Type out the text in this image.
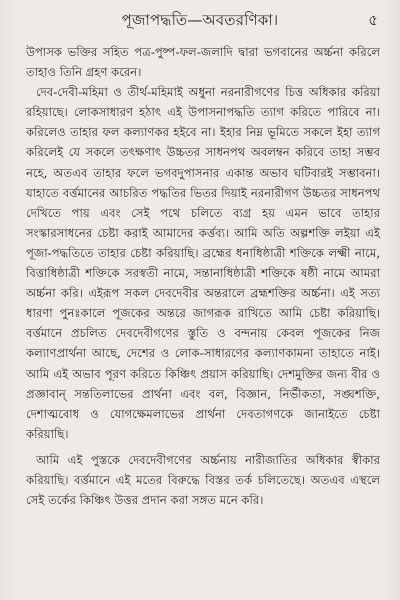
পূজাপদ্ধতি—অবতরণিকা।	৫

উপাসক ভক্তির সহিত পত্র-পুষ্প-ফল-জলাদি দ্বারা ভগবানের অর্চ্চনা করিলে তাহাও তিনি গ্রহণ করেন।

দেব-দেবী-মহিমা ও তীর্থ-মহিমাই অধুনা নরনারীগণের চিত্ত অধিকার করিয়া রহিয়াছে। লোকসাধারণ হঠাৎ এই উপাসনাপদ্ধতি ত্যাগ করিতে পারিবে না। করিলেও তাহার ফল কল্যাণকর হইবে না। ইহার নিম্ন ভূমিতে সকলে ইহা ত্যাগ করিলেই যে সকলে তৎক্ষণাৎ উচ্চতর সাধনপথ অবলম্বন করিবে তাহা সম্ভব নহে, অতএব তাহার ফলে ভগবদুপাসনার একান্ত অভাব ঘটিবারই সম্ভাবনা। যাহাতে বর্ত্তমানের আচরিত পদ্ধতির ভিতর দিয়াই নরনারীগণ উচ্চতর সাধনপথ দেখিতে পায় এবং সেই পথে চলিতে ব্যগ্র হয় এমন ভাবে তাহার সংস্কারসাধনের চেষ্টা করাই আমাদের কর্ত্তব্য। আমি অতি অল্পশক্তি লইয়া এই পূজা-পদ্ধতিতে তাহার চেষ্টা করিয়াছি। ব্রহ্মের ধনাধিষ্ঠাত্রী শক্তিকে লক্ষ্মী নামে, বিত্তাধিষ্ঠাত্রী শক্তিকে সরস্বতী নামে, সন্তানাধিষ্ঠাত্রী শক্তিকে ষষ্ঠী নামে আমরা অর্চ্চনা করি। এইরূপ সকল দেবদেবীর অন্তরালে ব্রহ্মশক্তির অর্চ্চনা। এই সত্য ধারণা পুনঃকালে পূজকের অন্তরে জাগরূক রাখিতে আমি চেষ্টা করিয়াছি। বর্ত্তমানে প্রচলিত দেবদেবীগণের স্তুতি ও বন্দনায় কেবল পূজকের নিজ কল্যাণপ্রার্থনা আছে, দেশের ও লোক-সাধারণের কল্যাণকামনা তাহাতে নাই। আমি এই অভাব পূরণ করিতে কিঞ্চিৎ প্রয়াস করিয়াছি। দেশমুক্তির জন্য বীর ও প্রজ্ঞাবান্ সন্ততিলাভের প্রার্থনা এবং বল, বিজ্ঞান, নির্ভীকতা, সঙ্ঘশক্তি, দেশাত্মবোধ ও যোগক্ষেমলাভের প্রার্থনা দেবতাগণকে জানাইতে চেষ্টা করিয়াছি।

আমি এই পুস্তকে দেবদেবীগণের অর্চ্চনায় নারীজাতির অধিকার স্বীকার করিয়াছি। বর্ত্তমানে এই মতের বিরুদ্ধে বিস্তর তর্ক চলিতেছে। অতএব এস্থলে সেই তর্কের কিঞ্চিৎ উত্তর প্রদান করা সঙ্গত মনে করি।
